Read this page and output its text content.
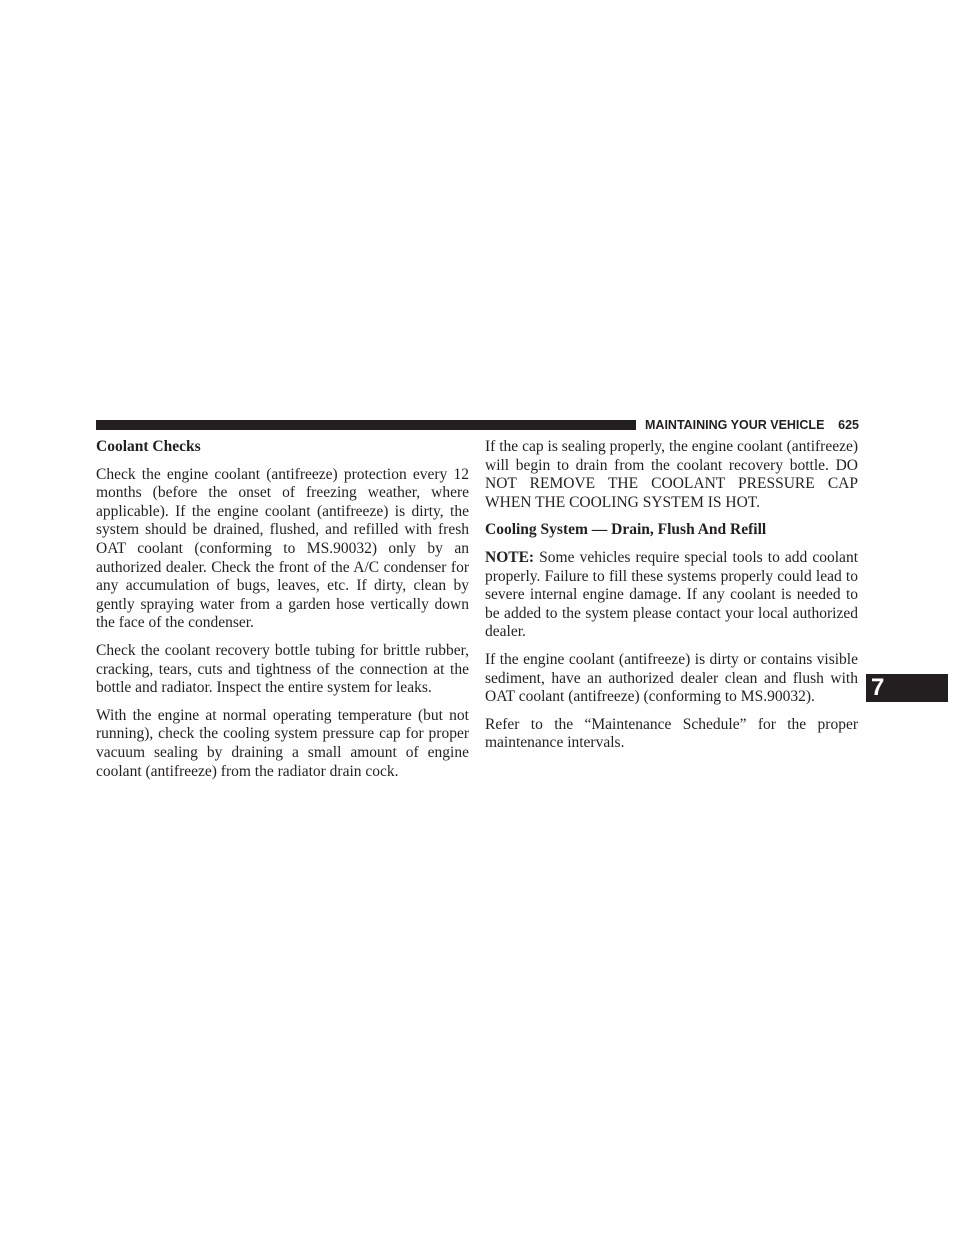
MAINTAINING YOUR VEHICLE 625
Coolant Checks

Check the engine coolant (antifreeze) protection every 12 months (before the onset of freezing weather, where applicable). If the engine coolant (antifreeze) is dirty, the system should be drained, flushed, and refilled with fresh OAT coolant (conforming to MS.90032) only by an authorized dealer. Check the front of the A/C condenser for any accumulation of bugs, leaves, etc. If dirty, clean by gently spraying water from a garden hose vertically down the face of the condenser.

Check the coolant recovery bottle tubing for brittle rubber, cracking, tears, cuts and tightness of the connection at the bottle and radiator. Inspect the entire system for leaks.

With the engine at normal operating temperature (but not running), check the cooling system pressure cap for proper vacuum sealing by draining a small amount of engine coolant (antifreeze) from the radiator drain cock.

If the cap is sealing properly, the engine coolant (antifreeze) will begin to drain from the coolant recovery bottle. DO NOT REMOVE THE COOLANT PRESSURE CAP WHEN THE COOLING SYSTEM IS HOT.

Cooling System — Drain, Flush And Refill

NOTE: Some vehicles require special tools to add coolant properly. Failure to fill these systems properly could lead to severe internal engine damage. If any coolant is needed to be added to the system please contact your local authorized dealer.

If the engine coolant (antifreeze) is dirty or contains visible sediment, have an authorized dealer clean and flush with OAT coolant (antifreeze) (conforming to MS.90032).

Refer to the “Maintenance Schedule” for the proper maintenance intervals.

7
